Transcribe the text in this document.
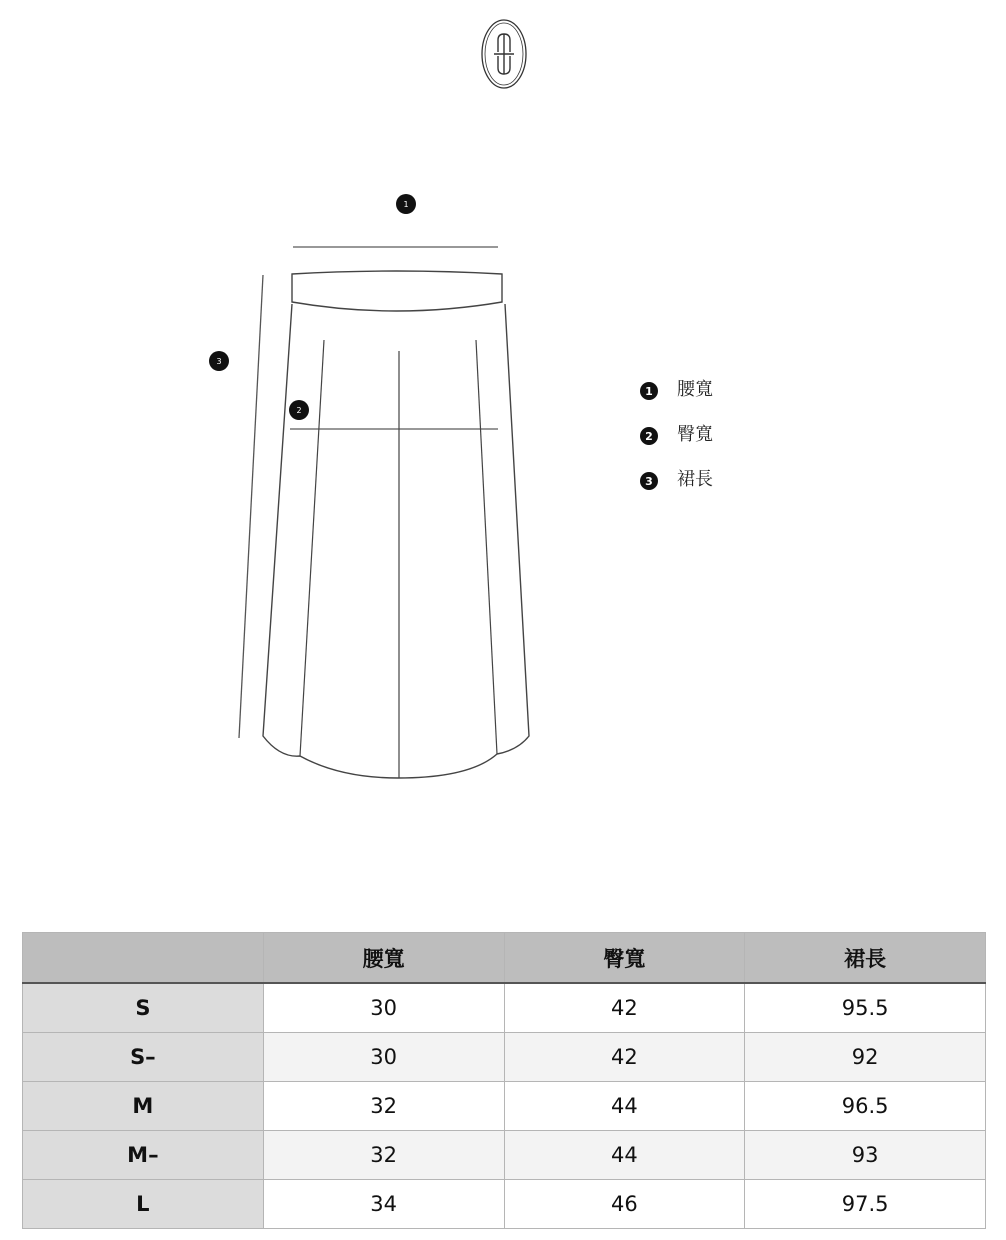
1
2
3
1 腰寬
2 臀寬
3 裙長
	腰寬	臀寬	裙長
S	30	42	95.5
S–	30	42	92
M	32	44	96.5
M–	32	44	93
L	34	46	97.5
